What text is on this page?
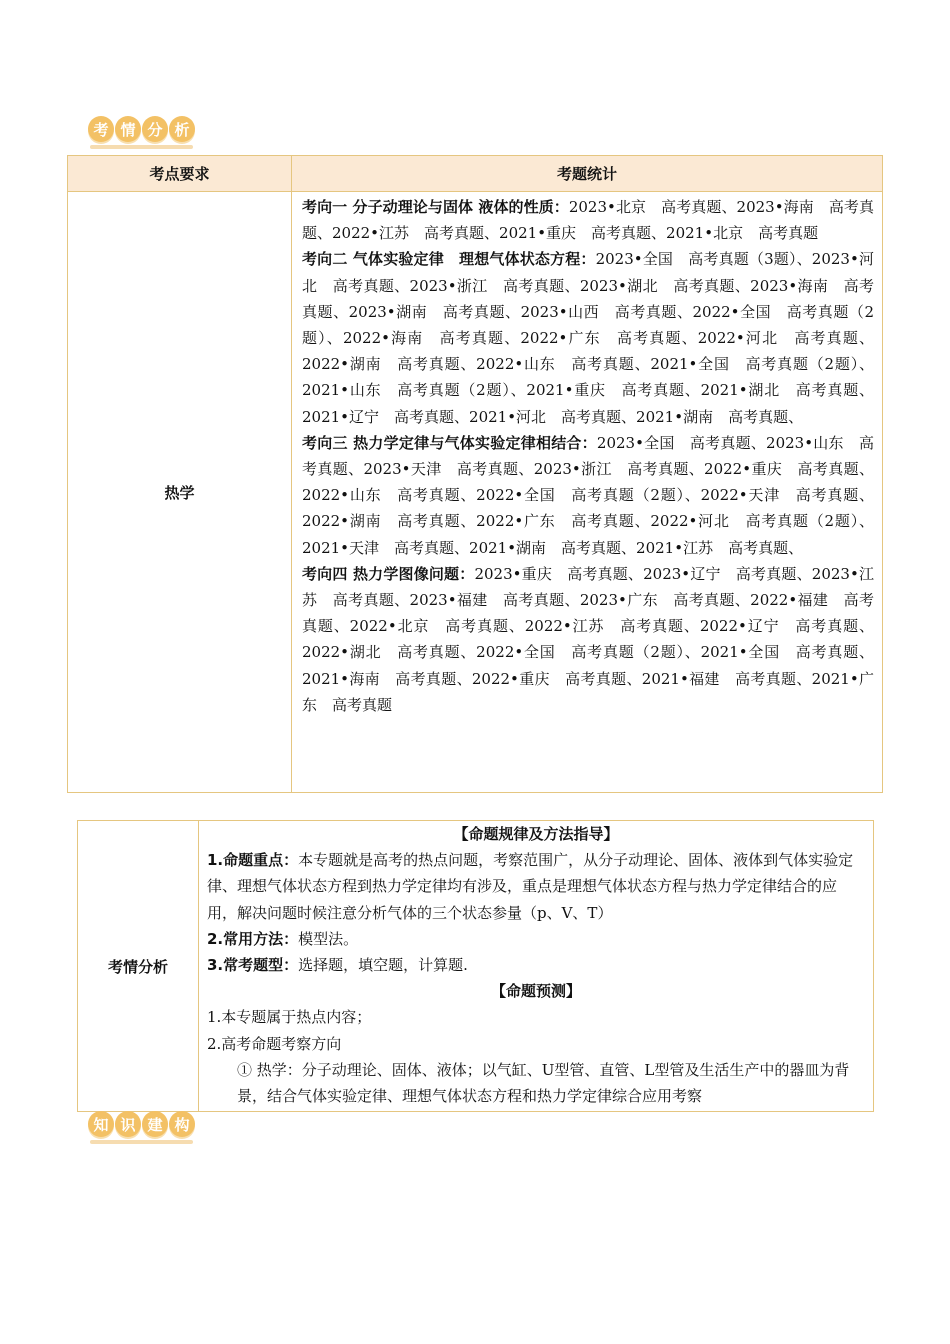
考 情 分 析
考点要求	考题统计
热学	考向一 分子动理论与固体 液体的性质：2023•北京　高考真题、2023•海南　高考真题、2022•江苏　高考真题、2021•重庆　高考真题、2021•北京　高考真题
考向二 气体实验定律　理想气体状态方程：2023•全国　高考真题（3题）、2023•河北　高考真题、2023•浙江　高考真题、2023•湖北　高考真题、2023•海南　高考真题、2023•湖南　高考真题、2023•山西　高考真题、2022•全国　高考真题（2题）、2022•海南　高考真题、2022•广东　高考真题、2022•河北　高考真题、2022•湖南　高考真题、2022•山东　高考真题、2021•全国　高考真题（2题）、2021•山东　高考真题（2题）、2021•重庆　高考真题、2021•湖北　高考真题、2021•辽宁　高考真题、2021•河北　高考真题、2021•湖南　高考真题、
考向三 热力学定律与气体实验定律相结合：2023•全国　高考真题、2023•山东　高考真题、2023•天津　高考真题、2023•浙江　高考真题、2022•重庆　高考真题、2022•山东　高考真题、2022•全国　高考真题（2题）、2022•天津　高考真题、2022•湖南　高考真题、2022•广东　高考真题、2022•河北　高考真题（2题）、2021•天津　高考真题、2021•湖南　高考真题、2021•江苏　高考真题、
考向四 热力学图像问题：2023•重庆　高考真题、2023•辽宁　高考真题、2023•江苏　高考真题、2023•福建　高考真题、2023•广东　高考真题、2022•福建　高考真题、2022•北京　高考真题、2022•江苏　高考真题、2022•辽宁　高考真题、2022•湖北　高考真题、2022•全国　高考真题（2题）、2021•全国　高考真题、2021•海南　高考真题、2022•重庆　高考真题、2021•福建　高考真题、2021•广东　高考真题
考情分析	
【命题规律及方法指导】
1.命题重点：本专题就是高考的热点问题，考察范围广，从分子动理论、固体、液体到气体实验定律、理想气体状态方程到热力学定律均有涉及，重点是理想气体状态方程与热力学定律结合的应用，解决问题时候注意分析气体的三个状态参量（p、V、T）
2.常用方法：模型法。
3.常考题型：选择题，填空题，计算题.
【命题预测】
1.本专题属于热点内容；
2.高考命题考察方向
① 热学：分子动理论、固体、液体；以气缸、U型管、直管、L型管及生活生产中的器皿为背景，结合气体实验定律、理想气体状态方程和热力学定律综合应用考察
知 识 建 构
